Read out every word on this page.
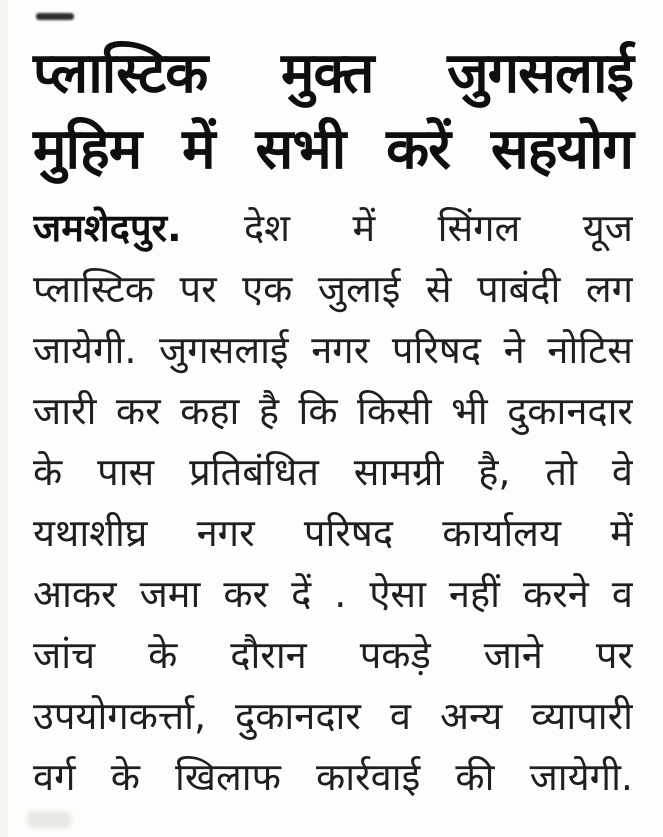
प्लास्टिक मुक्त जुगसलाई
मुहिम में सभी करें सहयोग
जमशेदपुर. देश में सिंगल यूज
प्लास्टिक पर एक जुलाई से पाबंदी लग
जायेगी. जुगसलाई नगर परिषद ने नोटिस
जारी कर कहा है कि किसी भी दुकानदार
के पास प्रतिबंधित सामग्री है, तो वे
यथाशीघ्र नगर परिषद कार्यालय में
आकर जमा कर दें . ऐसा नहीं करने व
जांच के दौरान पकड़े जाने पर
उपयोगकर्त्ता, दुकानदार व अन्य व्यापारी
वर्ग के खिलाफ कार्रवाई की जायेगी.
